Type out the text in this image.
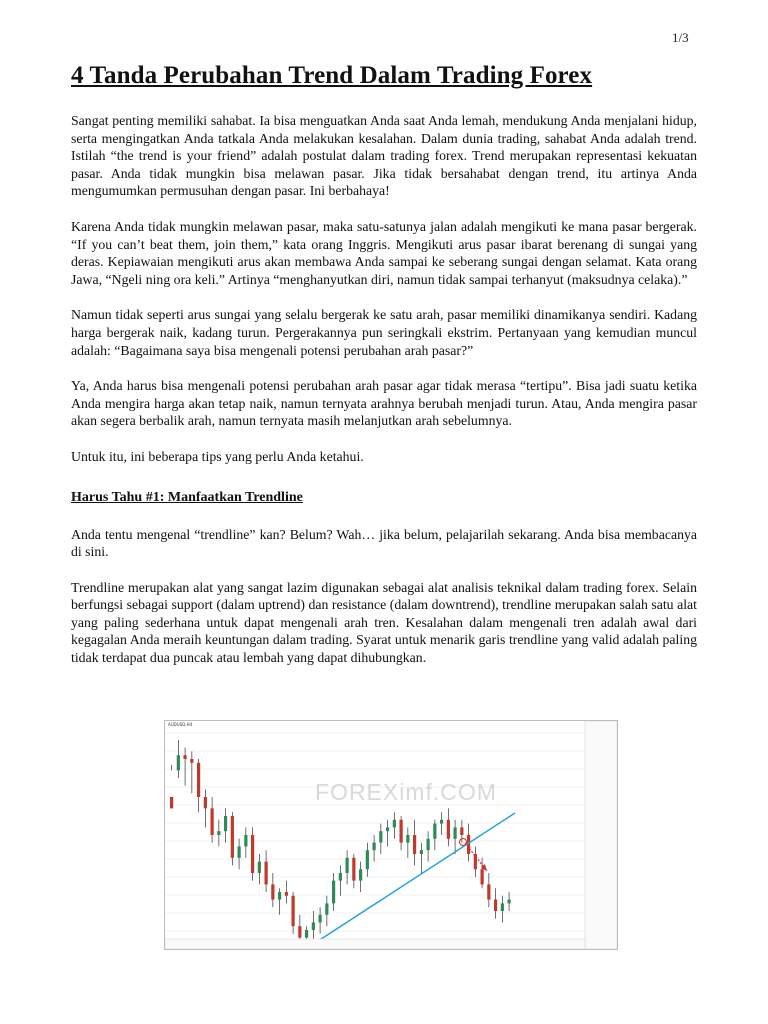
1/3
4 Tanda Perubahan Trend Dalam Trading Forex

Sangat penting memiliki sahabat. Ia bisa menguatkan Anda saat Anda lemah, mendukung Anda menjalani hidup, serta mengingatkan Anda tatkala Anda melakukan kesalahan. Dalam dunia trading, sahabat Anda adalah trend. Istilah “the trend is your friend” adalah postulat dalam trading forex. Trend merupakan representasi kekuatan pasar. Anda tidak mungkin bisa melawan pasar. Jika tidak bersahabat dengan trend, itu artinya Anda mengumumkan permusuhan dengan pasar. Ini berbahaya!

Karena Anda tidak mungkin melawan pasar, maka satu-satunya jalan adalah mengikuti ke mana pasar bergerak. “If you can’t beat them, join them,” kata orang Inggris. Mengikuti arus pasar ibarat berenang di sungai yang deras. Kepiawaian mengikuti arus akan membawa Anda sampai ke seberang sungai dengan selamat. Kata orang Jawa, “Ngeli ning ora keli.” Artinya “menghanyutkan diri, namun tidak sampai terhanyut (maksudnya celaka).”

Namun tidak seperti arus sungai yang selalu bergerak ke satu arah, pasar memiliki dinamikanya sendiri. Kadang harga bergerak naik, kadang turun. Pergerakannya pun seringkali ekstrim. Pertanyaan yang kemudian muncul adalah: “Bagaimana saya bisa mengenali potensi perubahan arah pasar?”

Ya, Anda harus bisa mengenali potensi perubahan arah pasar agar tidak merasa “tertipu”. Bisa jadi suatu ketika Anda mengira harga akan tetap naik, namun ternyata arahnya berubah menjadi turun. Atau, Anda mengira pasar akan segera berbalik arah, namun ternyata masih melanjutkan arah sebelumnya.

Untuk itu, ini beberapa tips yang perlu Anda ketahui.

Harus Tahu #1: Manfaatkan Trendline

Anda tentu mengenal “trendline” kan? Belum? Wah… jika belum, pelajarilah sekarang. Anda bisa membacanya di sini.

Trendline merupakan alat yang sangat lazim digunakan sebagai alat analisis teknikal dalam trading forex. Selain berfungsi sebagai support (dalam uptrend) dan resistance (dalam downtrend), trendline merupakan salah satu alat yang paling sederhana untuk dapat mengenali arah tren. Kesalahan dalam mengenali tren adalah awal dari kegagalan Anda meraih keuntungan dalam trading. Syarat untuk menarik garis trendline yang valid adalah paling tidak terdapat dua puncak atau lembah yang dapat dihubungkan.

AUDUSD,H4
FOREXimf.COM
